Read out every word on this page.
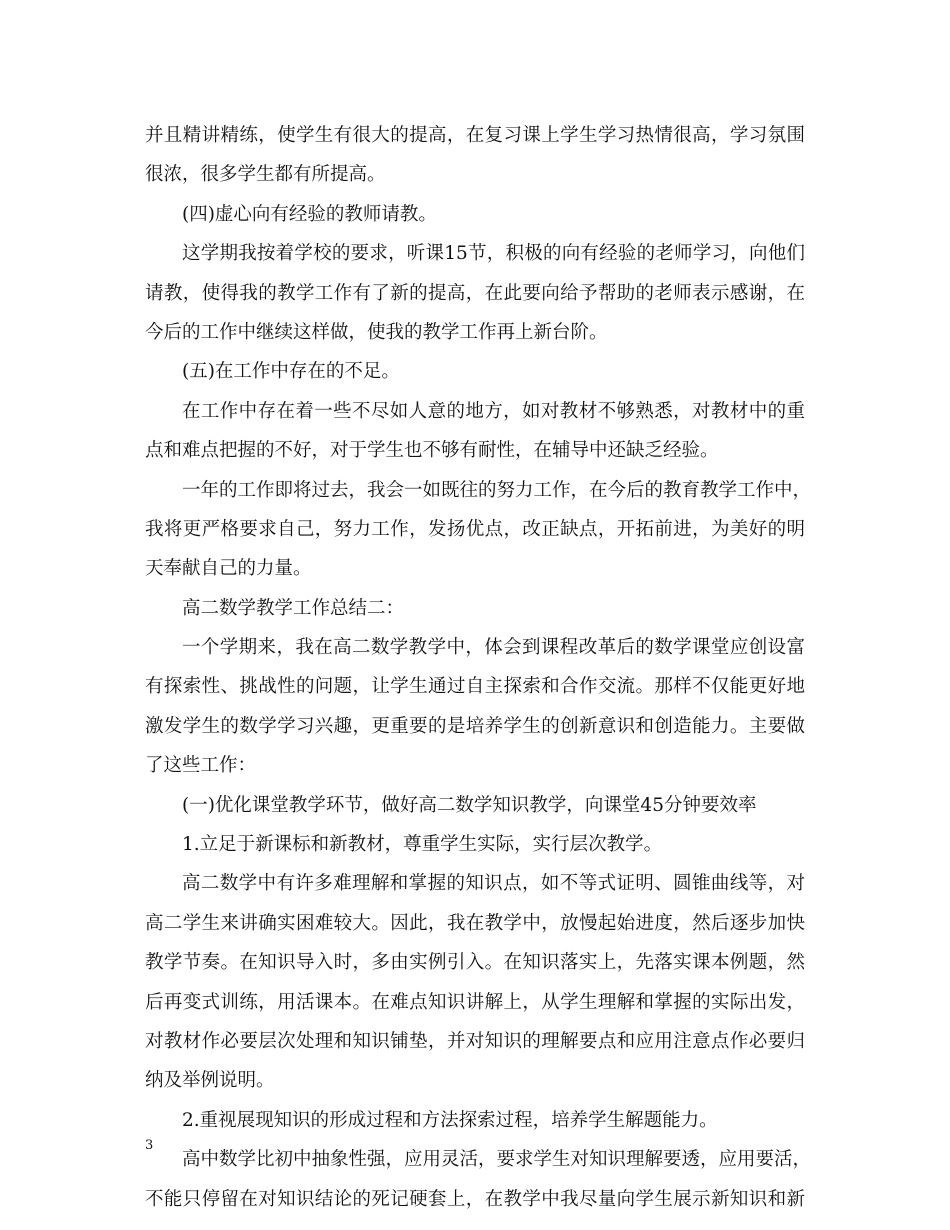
并且精讲精练，使学生有很大的提高，在复习课上学生学习热情很高，学习氛围
很浓，很多学生都有所提高。
(四)虚心向有经验的教师请教。
这学期我按着学校的要求，听课15节，积极的向有经验的老师学习，向他们
请教，使得我的教学工作有了新的提高，在此要向给予帮助的老师表示感谢，在
今后的工作中继续这样做，使我的教学工作再上新台阶。
(五)在工作中存在的不足。
在工作中存在着一些不尽如人意的地方，如对教材不够熟悉，对教材中的重
点和难点把握的不好，对于学生也不够有耐性，在辅导中还缺乏经验。
一年的工作即将过去，我会一如既往的努力工作，在今后的教育教学工作中，
我将更严格要求自己，努力工作，发扬优点，改正缺点，开拓前进，为美好的明
天奉献自己的力量。
高二数学教学工作总结二：
一个学期来，我在高二数学教学中，体会到课程改革后的数学课堂应创设富
有探索性、挑战性的问题，让学生通过自主探索和合作交流。那样不仅能更好地
激发学生的数学学习兴趣，更重要的是培养学生的创新意识和创造能力。主要做
了这些工作：
(一)优化课堂教学环节，做好高二数学知识教学，向课堂45分钟要效率
1.立足于新课标和新教材，尊重学生实际，实行层次教学。
高二数学中有许多难理解和掌握的知识点，如不等式证明、圆锥曲线等，对
高二学生来讲确实困难较大。因此，我在教学中，放慢起始进度，然后逐步加快
教学节奏。在知识导入时，多由实例引入。在知识落实上，先落实课本例题，然
后再变式训练，用活课本。在难点知识讲解上，从学生理解和掌握的实际出发，
对教材作必要层次处理和知识铺垫，并对知识的理解要点和应用注意点作必要归
纳及举例说明。
2.重视展现知识的形成过程和方法探索过程，培养学生解题能力。
高中数学比初中抽象性强，应用灵活，要求学生对知识理解要透，应用要活，
不能只停留在对知识结论的死记硬套上，在教学中我尽量向学生展示新知识和新
3
